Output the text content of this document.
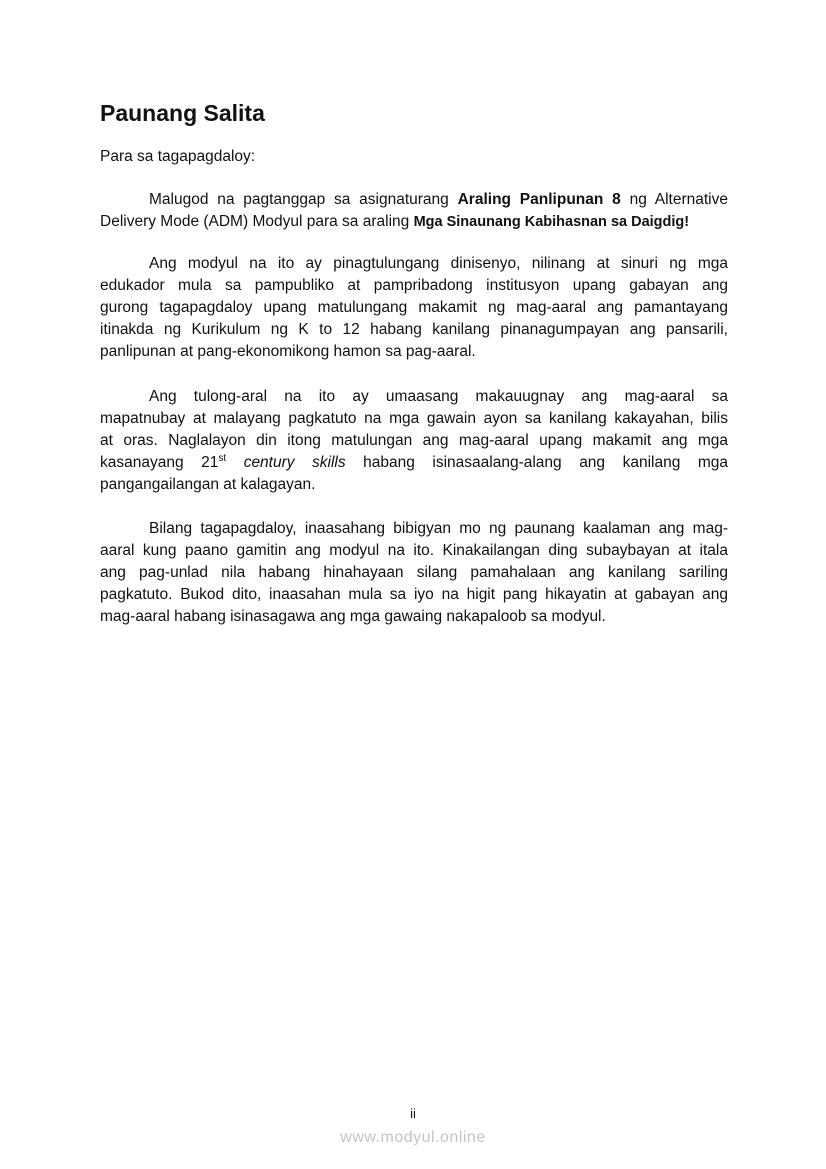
Paunang Salita
Para sa tagapagdaloy:
Malugod na pagtanggap sa asignaturang Araling Panlipunan 8 ng Alternative
Delivery Mode (ADM) Modyul para sa araling Mga Sinaunang Kabihasnan sa Daigdig!
Ang modyul na ito ay pinagtulungang dinisenyo, nilinang at sinuri ng mga
edukador mula sa pampubliko at pampribadong institusyon upang gabayan ang
gurong tagapagdaloy upang matulungang makamit ng mag-aaral ang pamantayang
itinakda ng Kurikulum ng K to 12 habang kanilang pinanagumpayan ang pansarili,
panlipunan at pang-ekonomikong hamon sa pag-aaral.
Ang tulong-aral na ito ay umaasang makauugnay ang mag-aaral sa
mapatnubay at malayang pagkatuto na mga gawain ayon sa kanilang kakayahan, bilis
at oras. Naglalayon din itong matulungan ang mag-aaral upang makamit ang mga
kasanayang 21st century skills habang isinasaalang-alang ang kanilang mga
pangangailangan at kalagayan.
Bilang tagapagdaloy, inaasahang bibigyan mo ng paunang kaalaman ang mag-
aaral kung paano gamitin ang modyul na ito. Kinakailangan ding subaybayan at itala
ang pag-unlad nila habang hinahayaan silang pamahalaan ang kanilang sariling
pagkatuto. Bukod dito, inaasahan mula sa iyo na higit pang hikayatin at gabayan ang
mag-aaral habang isinasagawa ang mga gawaing nakapaloob sa modyul.
ii
www.modyul.online
